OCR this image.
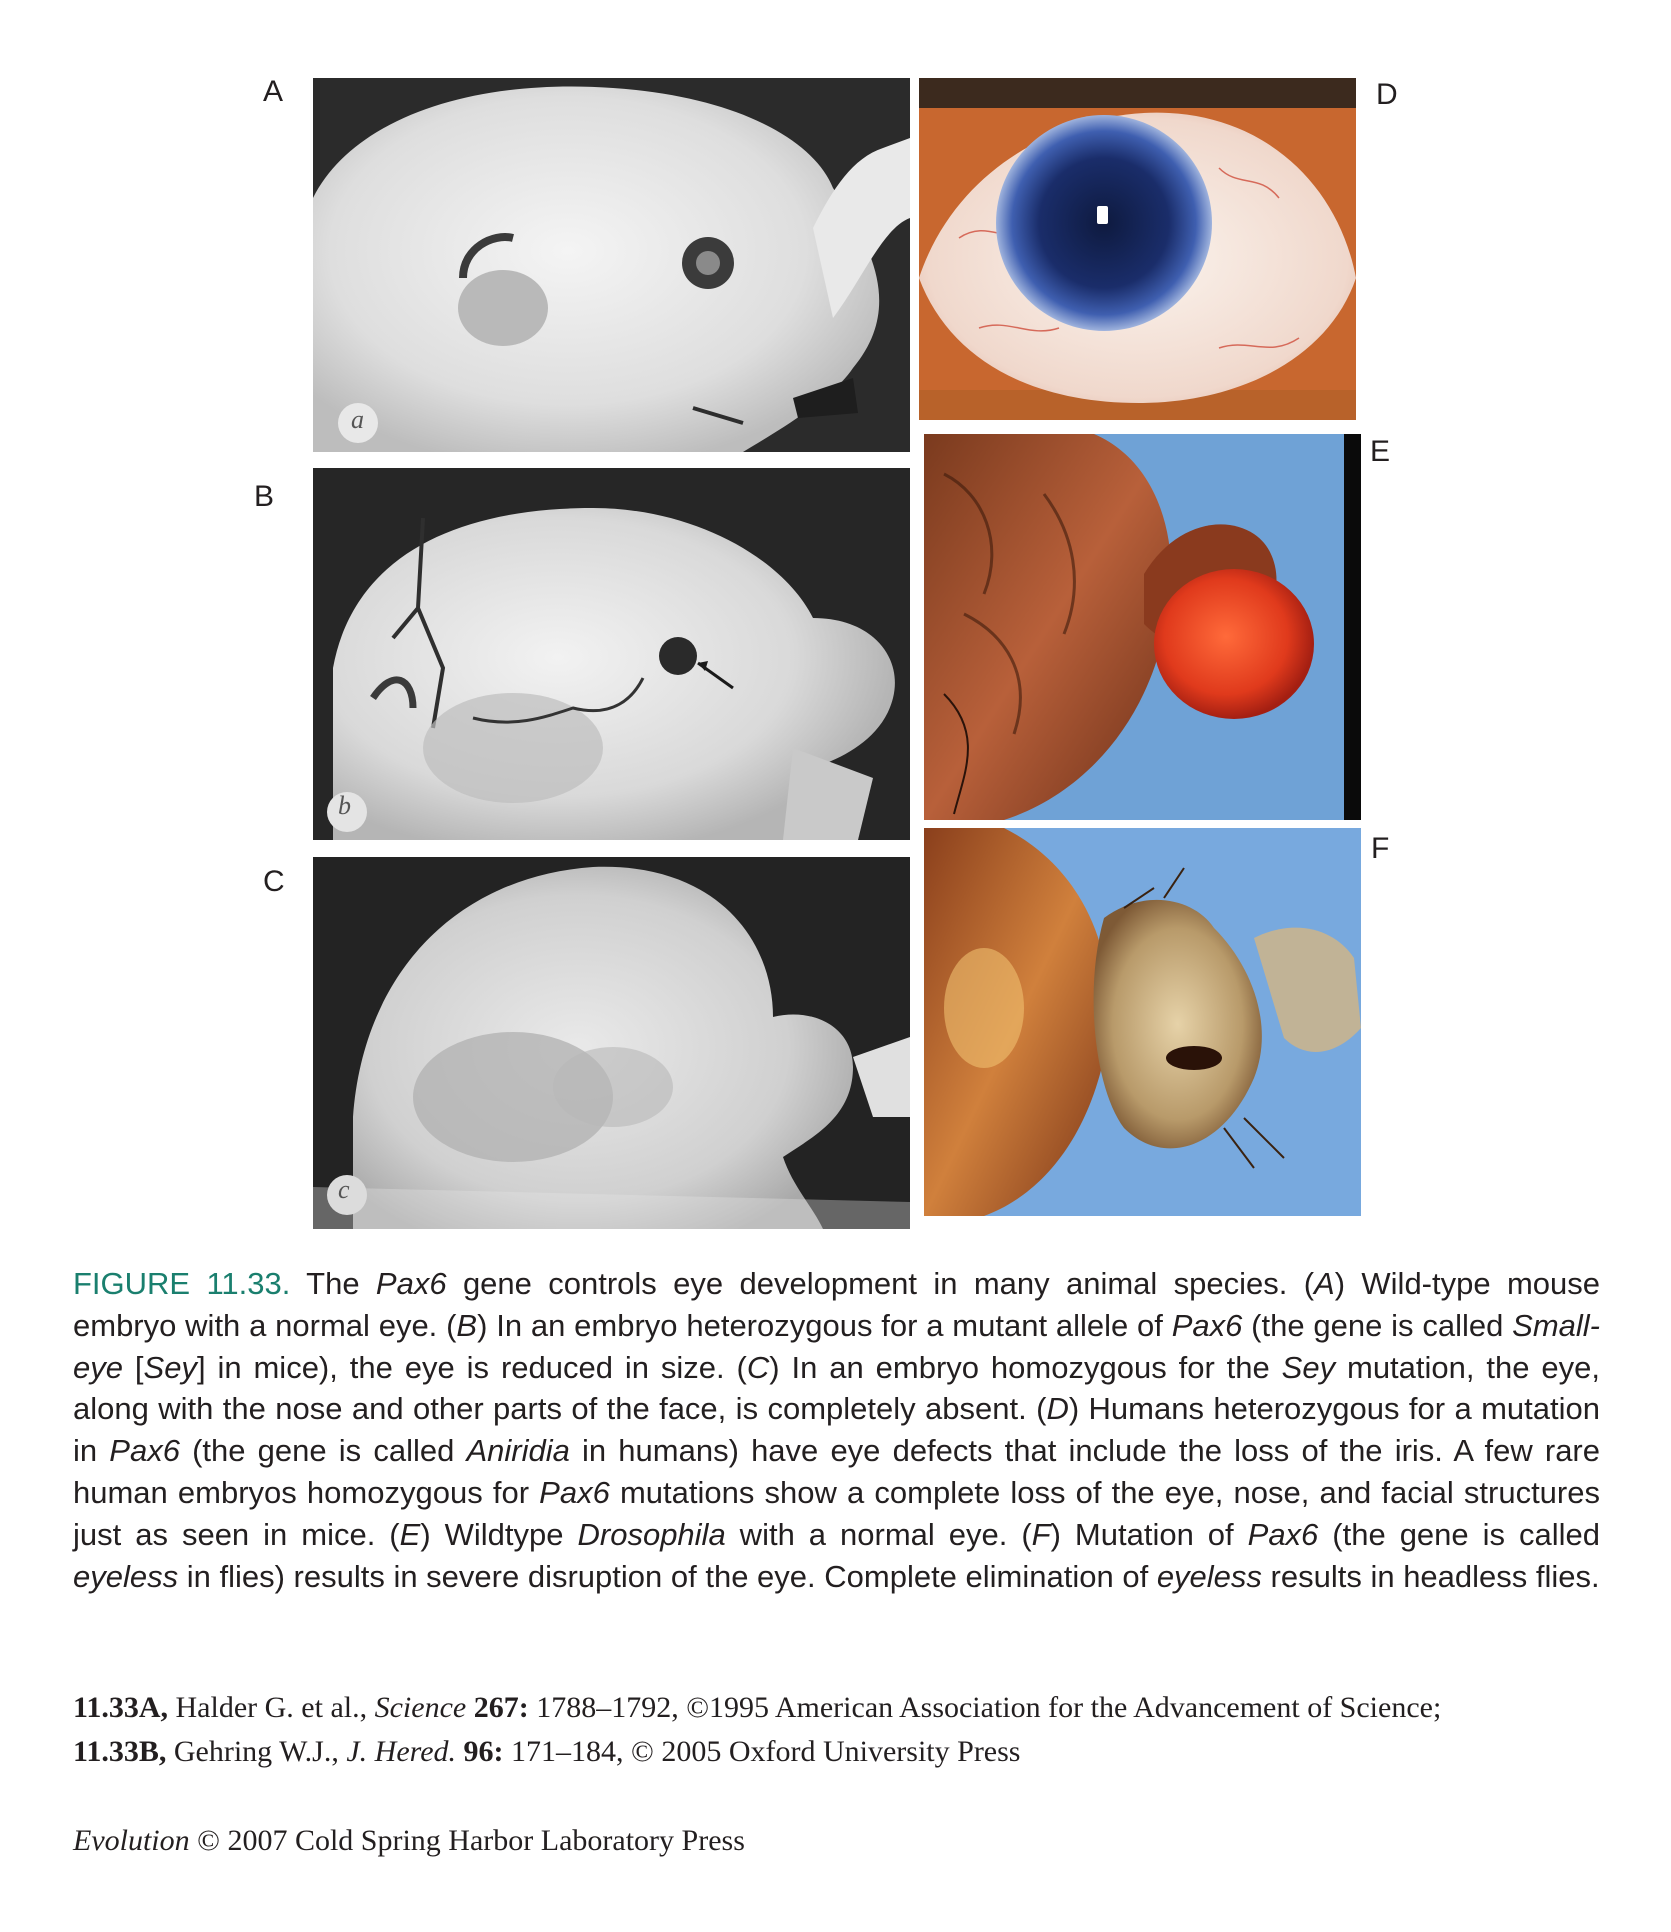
A
B
C
D
E
F
a
b
c
FIGURE 11.33. The Pax6 gene controls eye development in many animal species. (A) Wild-type mouse embryo with a normal eye. (B) In an embryo heterozygous for a mutant allele of Pax6 (the gene is called Small-eye [Sey] in mice), the eye is reduced in size. (C) In an embryo homozygous for the Sey mutation, the eye, along with the nose and other parts of the face, is completely absent. (D) Humans heterozygous for a mutation in Pax6 (the gene is called Aniridia in humans) have eye defects that include the loss of the iris. A few rare human embryos homozygous for Pax6 mutations show a complete loss of the eye, nose, and facial structures just as seen in mice. (E) Wildtype Drosophila with a normal eye. (F) Mutation of Pax6 (the gene is called eyeless in flies) results in severe disruption of the eye. Complete elimination of eyeless results in headless flies.
11.33A, Halder G. et al., Science 267: 1788–1792, ©1995 American Association for the Advancement of Science;
11.33B, Gehring W.J., J. Hered. 96: 171–184, © 2005 Oxford University Press
Evolution © 2007 Cold Spring Harbor Laboratory Press
